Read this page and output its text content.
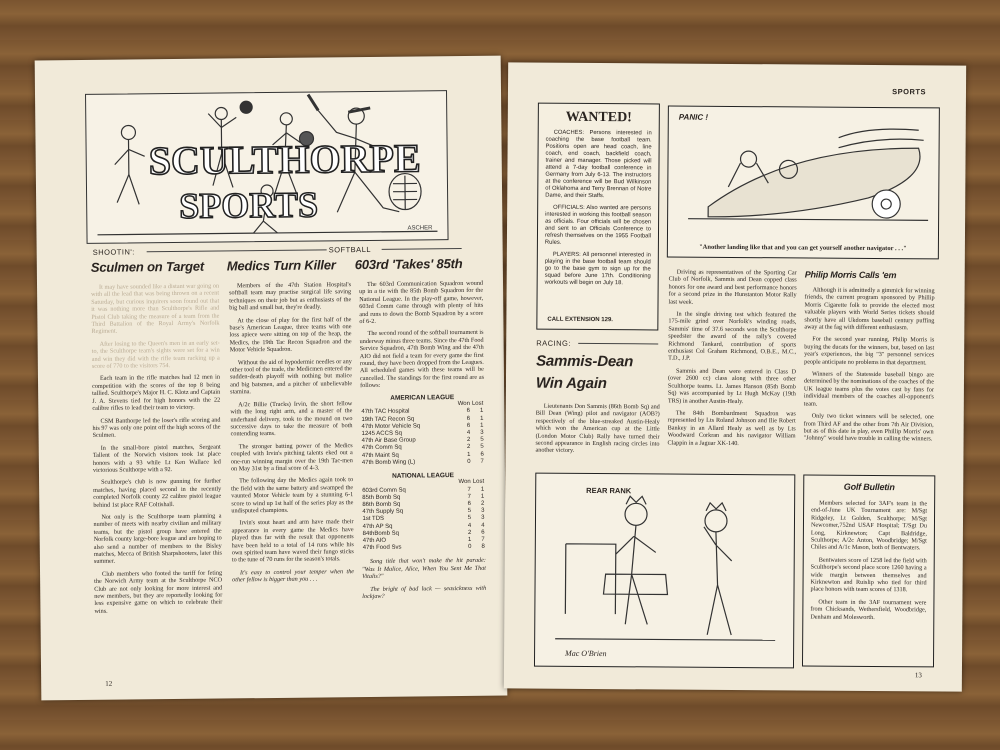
SCULTHORPE
SPORTS
ASCHER
SHOOTIN':	SOFTBALL
Sculmen on Target Medics Turn Killer 603rd 'Takes' 85th

It may have sounded like a distant war going on with all the lead that was being thrown on a recent Saturday, but curious inquirers soon found out that it was nothing more than Sculthorpe's Rifle and Pistol Club taking the measure of a team from the Third Battalion of the Royal Army's Norfolk Regiment.

After losing to the Queen's men in an early set-to, the Sculthorpe team's sights were set for a win and win they did with the rifle team racking up a score of 770 to the visitors 754.

Each team in the rifle matches had 12 men in competition with the scores of the top 8 being tallied. Sculthorpe's Major H. C. Klotz and Captain J. A. Stevens tied for high honors with the 22 calibre rifles to lead their team to victory.

CSM Banthorpe led the loser's rifle scoring and his 97 was only one point off the high scores of the Sculmen.

In the small-bore pistol matches, Sergeant Tallent of the Norwich visitors took 1st place honors with a 93 while Lt Ken Wallace led victorious Sculthorpe with a 92.

Sculthorpe's club is now gunning for further matches, having placed second in the recently completed Norfolk county 22 calibre pistol league behind 1st place RAF Coltishall.

Not only is the Sculthorpe team planning a number of meets with nearby civilian and military teams, but the pistol group have entered the Norfolk county large-bore league and are hoping to also send a number of members to the Bisley matches, Mecca of British Sharpshooters, later this summer.

Club members who footed the tariff for feting the Norwich Army team at the Sculthorpe NCO Club are not only looking for more interest and new members, but they are reportedly looking for less expensive game on which to celebrate their wins.

Members of the 47th Station Hospital's softball team may practise surgical life saving techniques on their job but as enthusiasts of the big ball and small bat, they're deadly.

At the close of play for the first half of the base's American League, three teams with one loss apiece were sitting on top of the heap, the Medics, the 19th Tac Recon Squadron and the Motor Vehicle Squadron.

Without the aid of hypodermic needles or any other tool of the trade, the Medicmen entered the sudden-death playoff with nothing but malice and big batsmen, and a pitcher of unbelievable stamina.

A/2c Billie (Tracks) Irvin, the short fellow with the long right arm, and a master of the underhand delivery, took to the mound on two successive days to take the measure of both contending teams.

The stronger batting power of the Medics coupled with Irvin's pitching talents eked out a one-run winning margin over the 19th Tac-men on May 31st by a final score of 4-3.

The following day the Medics again took to the field with the same battery and swamped the vaunted Motor Vehicle team by a stunning 6-1 score to wind up 1st half of the series play as the undisputed champions.

Irvin's stout heart and arm have made their appearance in every game the Medics have played thus far with the result that opponents have been held to a total of 14 runs while his own spirited team have waved their fungo sticks to the tune of 70 runs for the season's totals.

It's easy to control your temper when the other fellow is bigger than you . . .

The 603rd Communication Squadron wound up in a tie with the 85th Bomb Squadron for the National League. In the play-off game, however, 603rd Comm came through with plenty of hits and runs to down the Bomb Squadron by a score of 6-2.

The second round of the softball tournament is underway minus three teams. Since the 47th Food Service Squadron, 47th Bomb Wing and the 47th AIO did not field a team for every game the first round, they have been dropped from the Leagues. All scheduled games with these teams will be cancelled. The standings for the first round are as follows:

AMERICAN LEAGUE
	Won	Lost
47th TAC Hospital	6	1
19th TAC Recon Sq	6	1
47th Motor Vehicle Sq	6	1
1245 ACCS Sq	4	3
47th Air Base Group	2	5
47th Comm Sq	2	5
47th Maint Sq	1	6
47th Bomb Wing (L)	0	7
NATIONAL LEAGUE
	Won	Lost
603rd Comm Sq	7	1
85th Bomb Sq	7	1
86th Bomb Sq	6	2
47th Supply Sq	5	3
1st TDS	5	3
47th AP Sq	4	4
84thBomb Sq	2	6
47th AIO	1	7
47th Food Svs	0	8

Song title that won't make the hit parade: "Was It Malice, Alice, When You Sent Me That Vitalis?"

The bright of bad luck — seasickness with lockjaw?

12
SPORTS
WANTED!

COACHES: Persons interested in coaching the base football team. Positions open are head coach, line coach, end coach, backfield coach, trainer and manager. Those picked will attend a 7-day football conference in Germany from July 6-13. The instructors at the conference will be Bud Wilkinson of Oklahoma and Terry Brennan of Notre Dame, and their Staffs.

OFFICIALS: Also wanted are persons interested in working this football season as officials. Four officials will be chosen and sent to an Officials Conference to refresh themselves on the 1955 Football Rules.

PLAYERS: All personnel interested in playing in the base football team should go to the base gym to sign up for the squad before June 17th. Conditioning workouts will begin on July 18.

CALL EXTENSION 129.
PANIC !
"Another landing like that and you can get yourself another navigator . . ."
RACING:
Sammis-Dean
Win Again

Lieutenants Don Sammis (86th Bomb Sq) and Bill Dean (Wing) pilot and navigator (AOB?) respectively of the blue-streaked Austin-Healy which won the American cup at the Little (London Motor Club) Rally have turned their second appearance in English racing circles into another victory.

Driving as representatives of the Sporting Car Club of Norfolk, Sammis and Dean copped class honors for one award and best performance honors for a second prize in the Hunstanton Motor Rally last week.

In the single driving test which featured the 175-mile grind over Norfolk's winding roads, Sammis' time of 37.6 seconds won the Sculthorpe speedster the award of the rally's coveted Richmond Tankard, contribution of sports enthusiast Col Graham Richmond, O.B.E., M.C., T.D., J.P.

Sammis and Dean were entered in Class D (over 2600 cc) class along with three other Sculthorpe teams. Lt. James Hanson (85th Bomb Sq) was accompanied by Lt Hugh McKay (19th TRS) in another Austin-Healy.

The 84th Bombardment Squadron was represented by Lts Roland Johnson and Ilie Robert Bankey in an Allard Healy as well as by Lts Woodward Corkran and his navigator William Clappin in a Jaguar XK-140.

Philip Morris Calls 'em

Although it is admittedly a gimmick for winning friends, the current program sponsored by Phillip Morris Cigarette folk to provide the elected most valuable players with World Series tickets should shortly have all Ukdoms baseball century puffing away at the fag with different enthusiasm.

For the second year running, Philip Morris is buying the ducats for the winners, but, based on last year's experiences, the big "3" personnel services people anticipate no problems in that department.

Winners of the Statesside baseball bingo are determined by the nominations of the coaches of the UK league teams plus the votes cast by fans for individual members of the coaches all-opponent's team.

Only two ticket winners will be selected, one from Third AF and the other from 7th Air Division, but as of this date in play, even Phillip Morris' own "Johnny" would have trouble in calling the winners.

REAR RANK
Mac O'Brien
Golf Bulletin

Members selected for 3AF's team in the end-of-June UK Tournament are: M/Sgt Ridgeley, Lt Golden, Sculthorpe; M/Sgt Newcomer,752nd USAF Hospital; T/Sgt Du Long, Kirknewton; Capt Baldridge, Sculthorpe; A/2c Anton, Woodbridge; M/Sgt Chiles and A/1c Mason, both of Bentwaters.

Bentwaters score of 1258 led the field with Sculthorpe's second place score 1260 having a wide margin between themselves and Kirknewton and Ruislip who tied for third place honors with team scores of 1318.

Other team in the 3AF tournament were from Chicksands, Wethersfield, Woodbridge, Denham and Molesworth.

13
